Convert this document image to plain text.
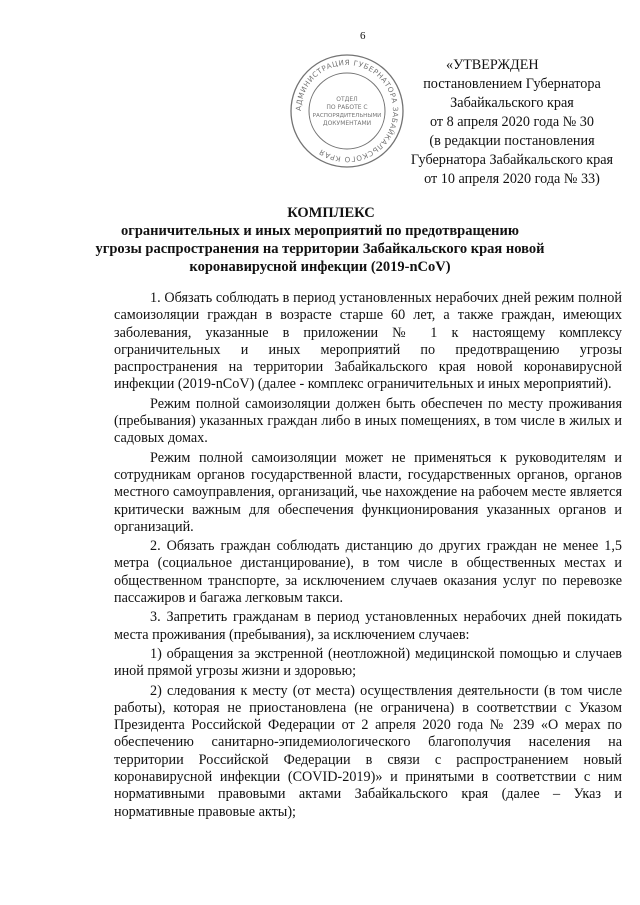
6
АДМИНИСТРАЦИЯ ГУБЕРНАТОРА ЗАБАЙКАЛЬСКОГО КРАЯ
ОТДЕЛ
ПО РАБОТЕ С
РАСПОРЯДИТЕЛЬНЫМИ
ДОКУМЕНТАМИ
«УТВЕРЖДЕН
постановлением Губернатора
Забайкальского края
от 8 апреля 2020 года № 30
(в редакции постановления
Губернатора Забайкальского края
от 10 апреля 2020 года № 33)
КОМПЛЕКС
ограничительных и иных мероприятий по предотвращению
угрозы распространения на территории Забайкальского края новой
коронавирусной инфекции (2019-nCoV)

1. Обязать соблюдать в период установленных нерабочих дней режим полной самоизоляции граждан в возрасте старше 60 лет, а также граждан, имеющих заболевания, указанные в приложении № 1 к настоящему комплексу ограничительных и иных мероприятий по предотвращению угрозы распространения на территории Забайкальского края новой коронавирусной инфекции (2019-nCoV) (далее - комплекс ограничительных и иных мероприятий).

Режим полной самоизоляции должен быть обеспечен по месту проживания (пребывания) указанных граждан либо в иных помещениях, в том числе в жилых и садовых домах.

Режим полной самоизоляции может не применяться к руководителям и сотрудникам органов государственной власти, государственных органов, органов местного самоуправления, организаций, чье нахождение на рабочем месте является критически важным для обеспечения функционирования указанных органов и организаций.

2. Обязать граждан соблюдать дистанцию до других граждан не менее 1,5 метра (социальное дистанцирование), в том числе в общественных местах и общественном транспорте, за исключением случаев оказания услуг по перевозке пассажиров и багажа легковым такси.

3. Запретить гражданам в период установленных нерабочих дней покидать места проживания (пребывания), за исключением случаев:

1) обращения за экстренной (неотложной) медицинской помощью и случаев иной прямой угрозы жизни и здоровью;

2) следования к месту (от места) осуществления деятельности (в том числе работы), которая не приостановлена (не ограничена) в соответствии с Указом Президента Российской Федерации от 2 апреля 2020 года № 239 «О мерах по обеспечению санитарно-эпидемиологического благополучия населения на территории Российской Федерации в связи с распространением новый коронавирусной инфекции (COVID-2019)» и принятыми в соответствии с ним нормативными правовыми актами Забайкальского края (далее – Указ и нормативные правовые акты);
